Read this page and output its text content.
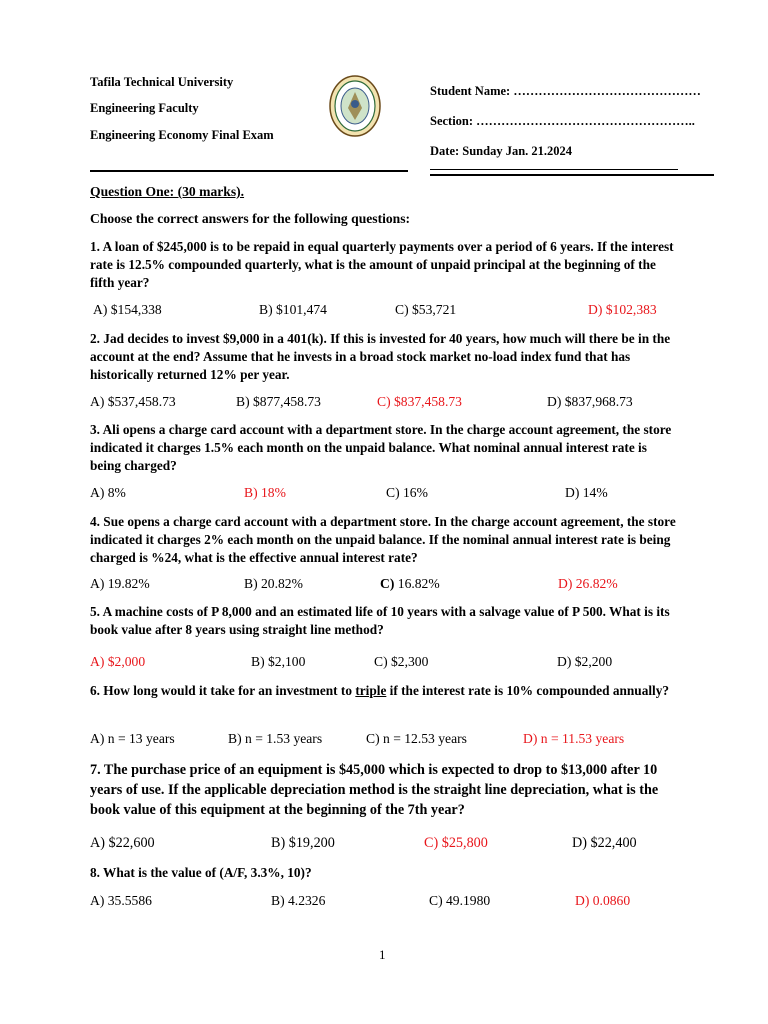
Tafila Technical University
Engineering Faculty
Engineering Economy Final Exam
Student Name: ………………………………………
Section: ……………………………………………..
Date: Sunday Jan. 21.2024
Question One: (30 marks).
Choose the correct answers for the following questions:
1. A loan of $245,000 is to be repaid in equal quarterly payments over a period of 6 years. If the interest rate is 12.5% compounded quarterly, what is the amount of unpaid principal at the beginning of the fifth year?
A) $154,338	B) $101,474	C) $53,721	D) $102,383
2. Jad decides to invest $9,000 in a 401(k). If this is invested for 40 years, how much will there be in the account at the end? Assume that he invests in a broad stock market no-load index fund that has historically returned 12% per year.
A) $537,458.73	B) $877,458.73	C) $837,458.73	D) $837,968.73
3. Ali opens a charge card account with a department store. In the charge account agreement, the store indicated it charges 1.5% each month on the unpaid balance. What nominal annual interest rate is being charged?
A) 8%	B) 18%	C) 16%	D) 14%
4. Sue opens a charge card account with a department store. In the charge account agreement, the store indicated it charges 2% each month on the unpaid balance. If the nominal annual interest rate is being charged is %24, what is the effective annual interest rate?
A) 19.82%	B) 20.82%	C) 16.82%	D) 26.82%
5. A machine costs of P 8,000 and an estimated life of 10 years with a salvage value of P 500. What is its book value after 8 years using straight line method?
A) $2,000	B) $2,100	C) $2,300	D) $2,200
6. How long would it take for an investment to triple if the interest rate is 10% compounded annually?
A) n = 13 years	B) n = 1.53 years	C) n = 12.53 years	D) n = 11.53 years
7. The purchase price of an equipment is $45,000 which is expected to drop to $13,000 after 10 years of use. If the applicable depreciation method is the straight line depreciation, what is the book value of this equipment at the beginning of the 7th year?
A) $22,600	B) $19,200	C) $25,800	D) $22,400
8. What is the value of (A/F, 3.3%, 10)?
A) 35.5586	B) 4.2326	C) 49.1980	D) 0.0860
1
